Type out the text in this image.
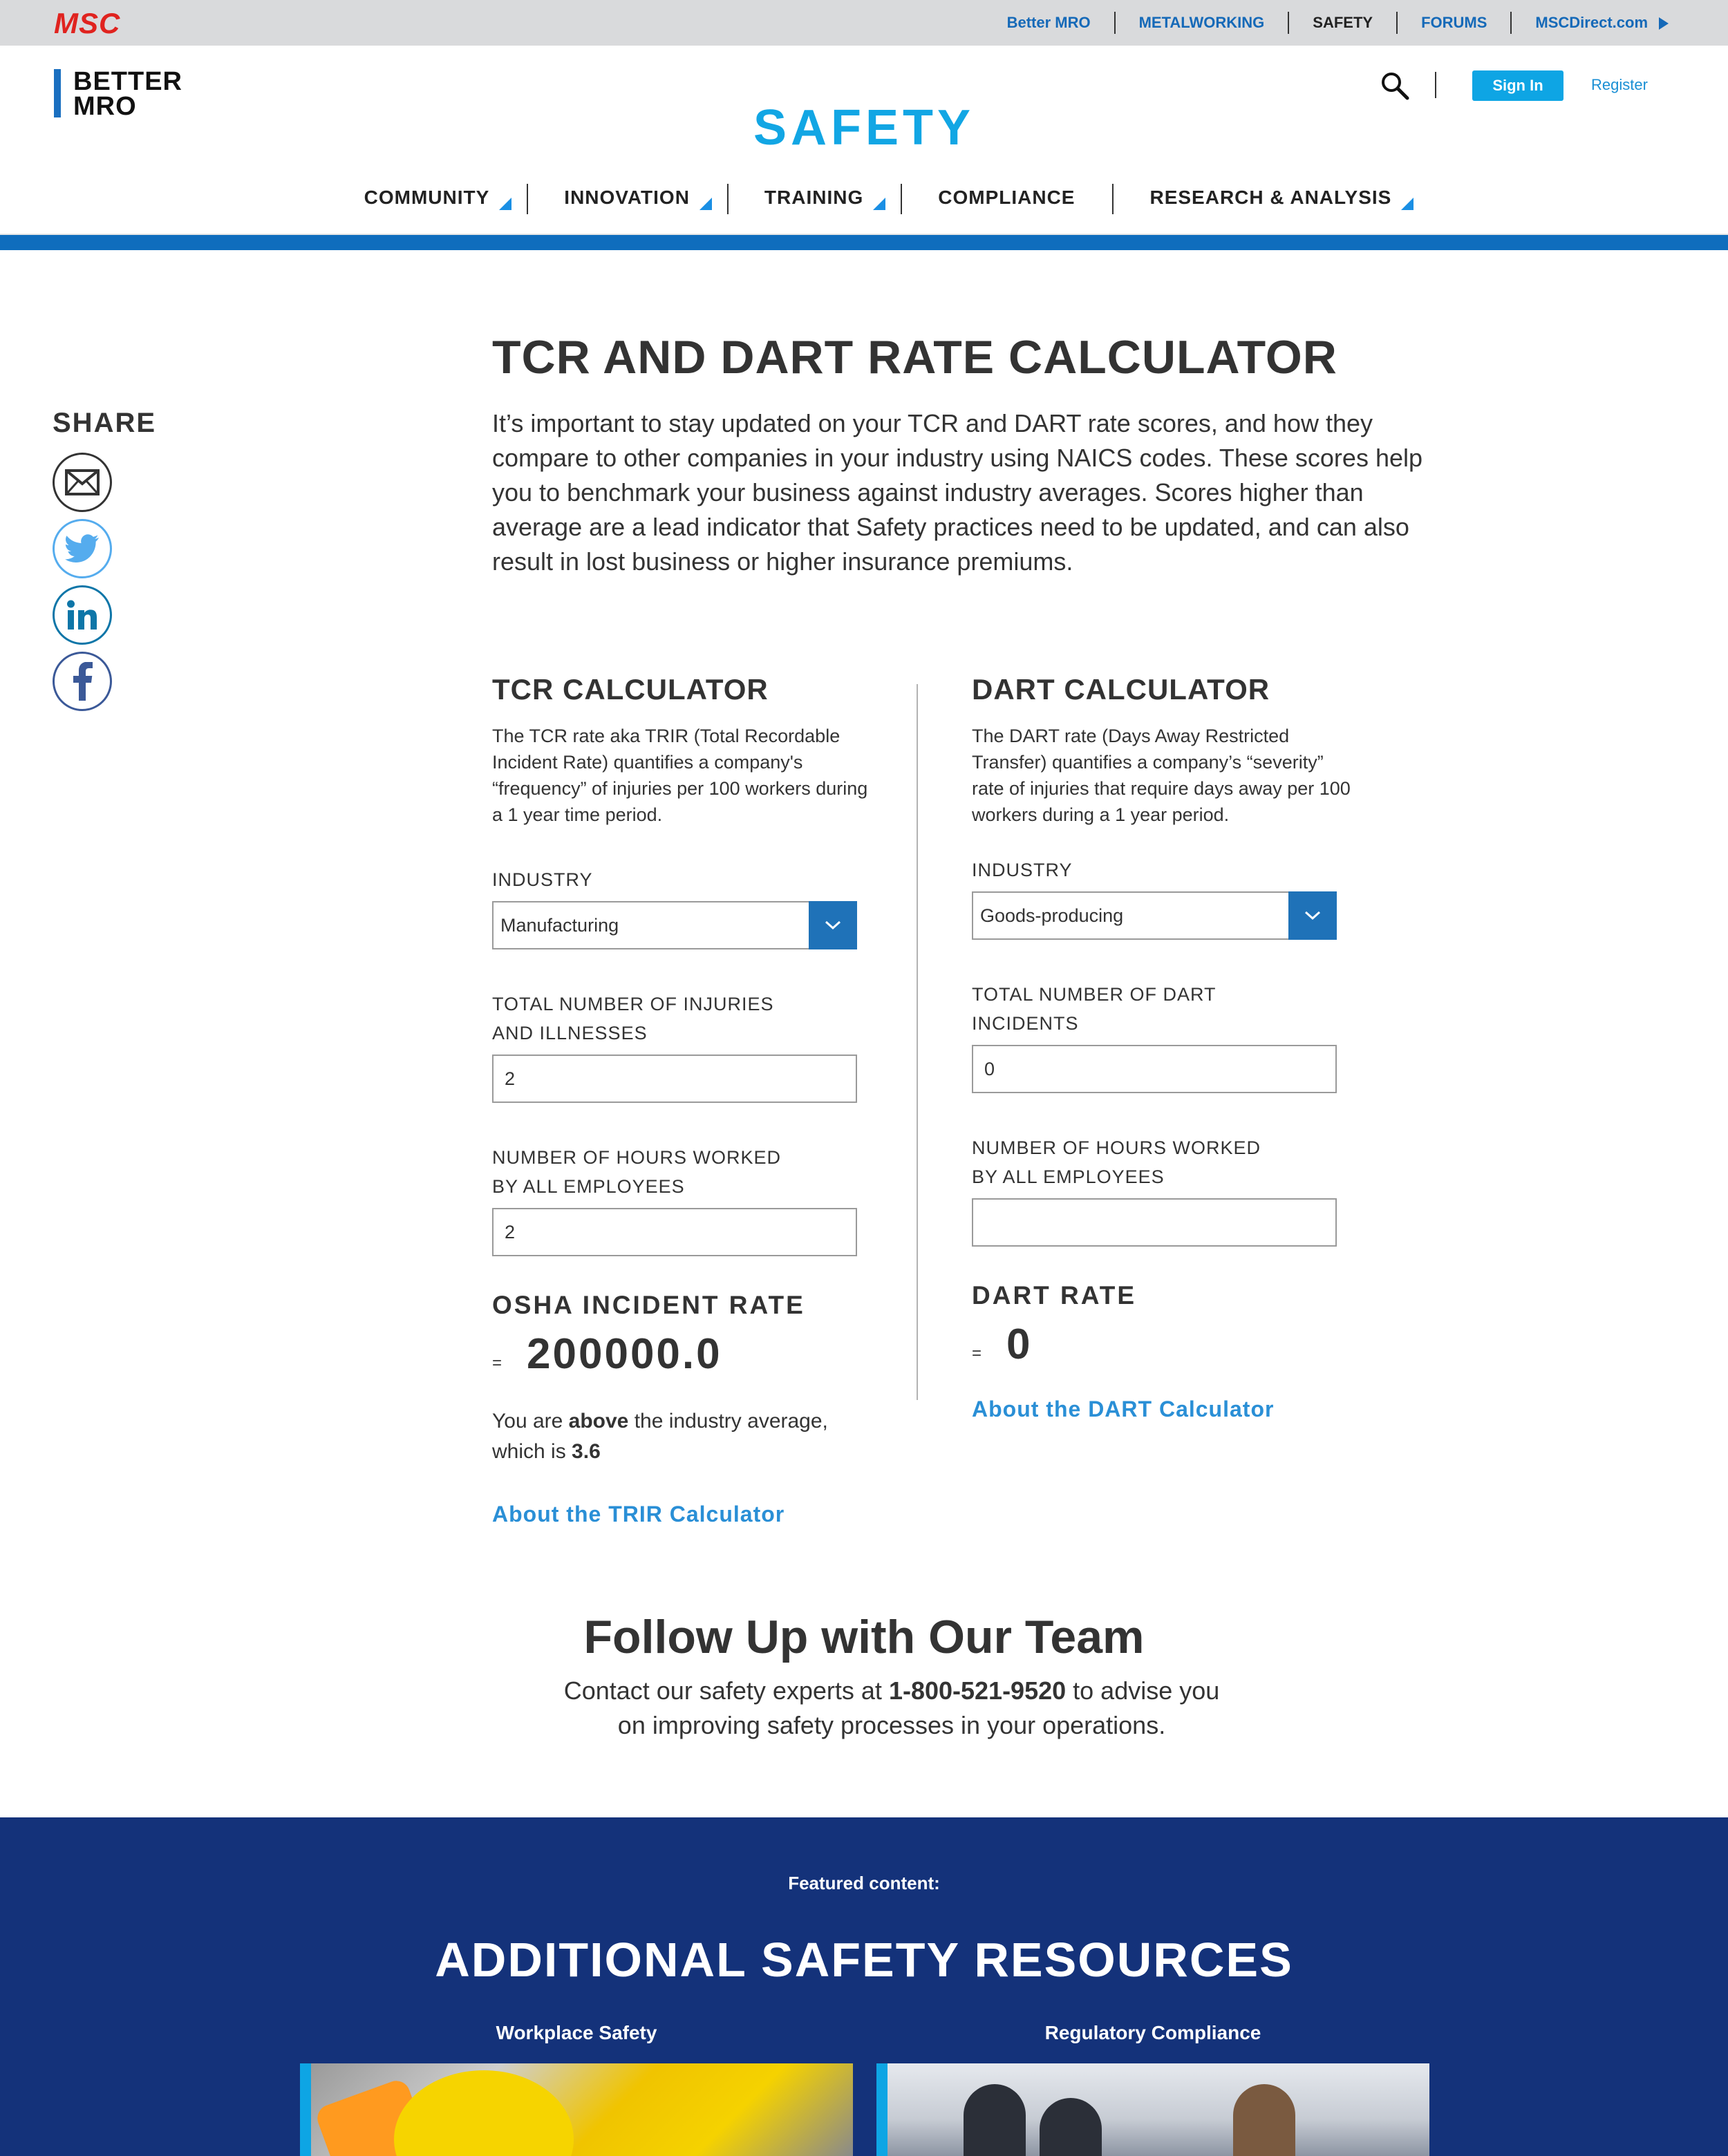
MSC	Better MRO	METALWORKING	SAFETY	FORUMS	MSCDirect.com
BETTER
MRO	SAFETY
Sign In	Register
COMMUNITY	INNOVATION	TRAINING	COMPLIANCE	RESEARCH & ANALYSIS
SHARE
TCR AND DART RATE CALCULATOR

It’s important to stay updated on your TCR and DART rate scores, and how they compare to other companies in your industry using NAICS codes. These scores help you to benchmark your business against industry averages. Scores higher than average are a lead indicator that Safety practices need to be updated, and can also result in lost business or higher insurance premiums.

TCR CALCULATOR

The TCR rate aka TRIR (Total Recordable Incident Rate) quantifies a company's “frequency” of injuries per 100 workers during a 1 year time period.

INDUSTRY
Manufacturing
TOTAL NUMBER OF INJURIES
AND ILLNESSES
2
NUMBER OF HOURS WORKED
BY ALL EMPLOYEES
2
OSHA INCIDENT RATE
= 200000.0

You are above the industry average, which is 3.6

About the TRIR Calculator
DART CALCULATOR

The DART rate (Days Away Restricted Transfer) quantifies a company’s “severity” rate of injuries that require days away per 100 workers during a 1 year period.

INDUSTRY
Goods-producing
TOTAL NUMBER OF DART
INCIDENTS
0
NUMBER OF HOURS WORKED
BY ALL EMPLOYEES
DART RATE
= 0
About the DART Calculator
Follow Up with Our Team

Contact our safety experts at 1-800-521-9520 to advise you on improving safety processes in your operations.

Featured content:
ADDITIONAL SAFETY RESOURCES
Workplace Safety	Regulatory Compliance
